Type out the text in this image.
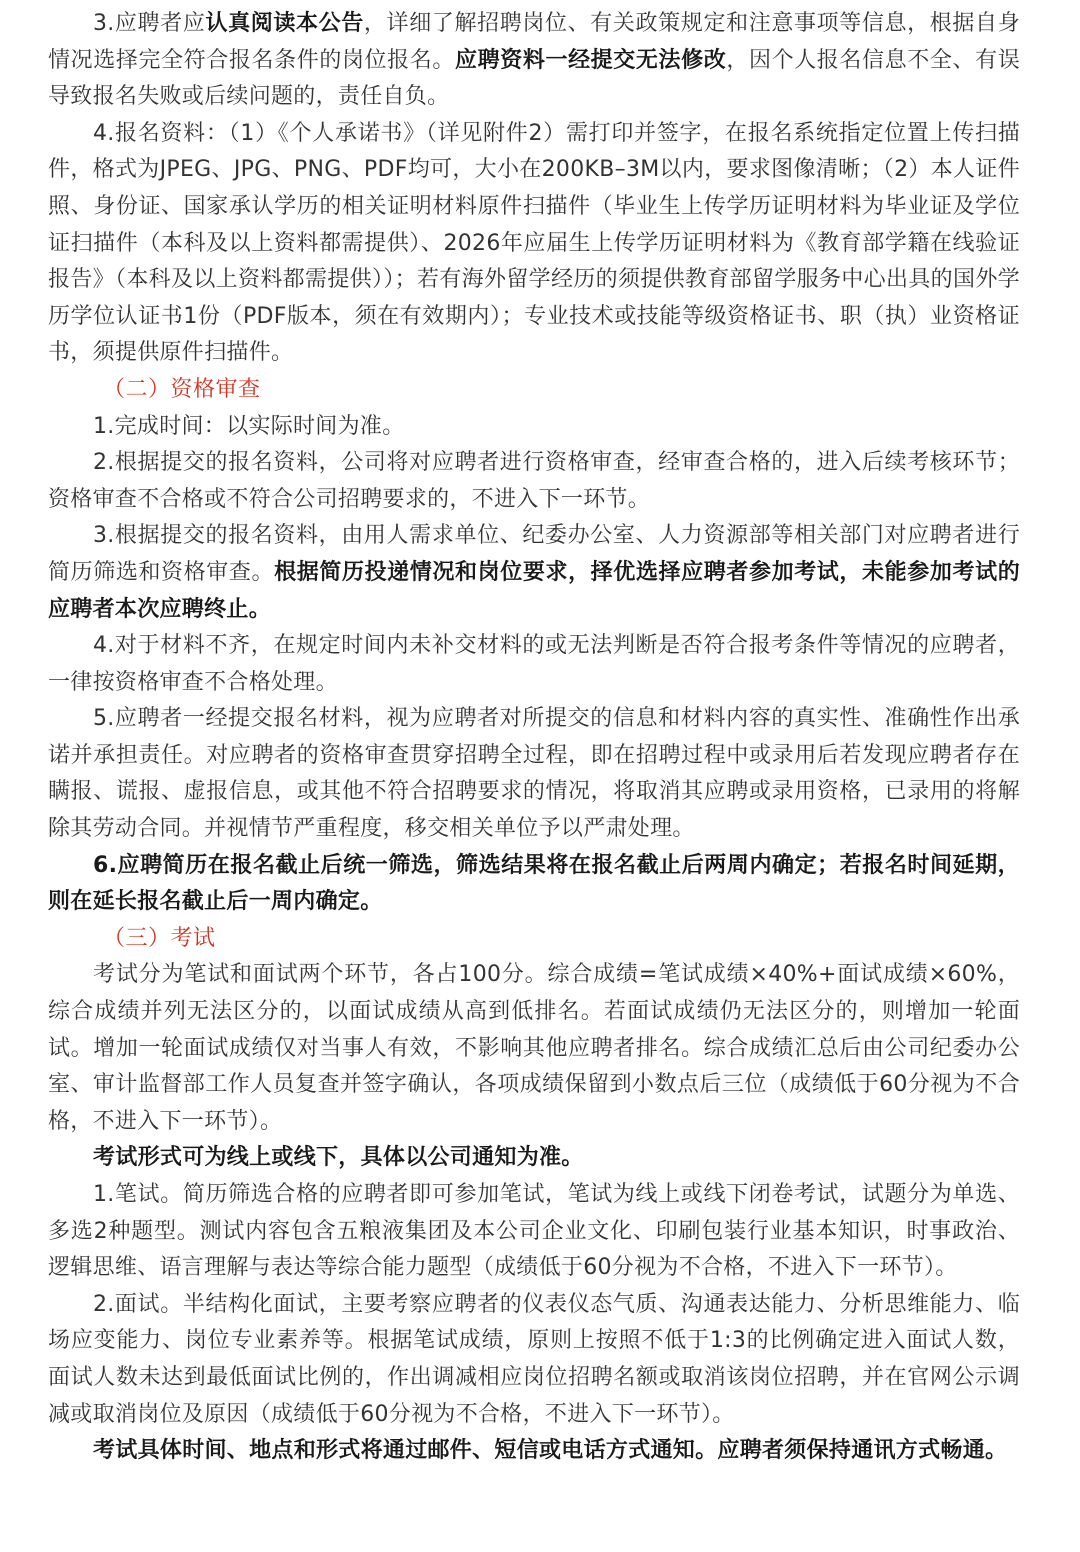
3.应聘者应认真阅读本公告，详细了解招聘岗位、有关政策规定和注意事项等信息，根据自身情况选择完全符合报名条件的岗位报名。应聘资料一经提交无法修改，因个人报名信息不全、有误导致报名失败或后续问题的，责任自负。

4.报名资料：（1）《个人承诺书》（详见附件2）需打印并签字，在报名系统指定位置上传扫描件，格式为JPEG、JPG、PNG、PDF均可，大小在200KB–3M以内，要求图像清晰；（2）本人证件照、身份证、国家承认学历的相关证明材料原件扫描件（毕业生上传学历证明材料为毕业证及学位证扫描件（本科及以上资料都需提供）、2026年应届生上传学历证明材料为《教育部学籍在线验证报告》（本科及以上资料都需提供））；若有海外留学经历的须提供教育部留学服务中心出具的国外学历学位认证书1份（PDF版本，须在有效期内）；专业技术或技能等级资格证书、职（执）业资格证书，须提供原件扫描件。

（二）资格审查

1.完成时间：以实际时间为准。

2.根据提交的报名资料，公司将对应聘者进行资格审查，经审查合格的，进入后续考核环节；资格审查不合格或不符合公司招聘要求的，不进入下一环节。

3.根据提交的报名资料，由用人需求单位、纪委办公室、人力资源部等相关部门对应聘者进行简历筛选和资格审查。根据简历投递情况和岗位要求，择优选择应聘者参加考试，未能参加考试的应聘者本次应聘终止。

4.对于材料不齐，在规定时间内未补交材料的或无法判断是否符合报考条件等情况的应聘者，一律按资格审查不合格处理。

5.应聘者一经提交报名材料，视为应聘者对所提交的信息和材料内容的真实性、准确性作出承诺并承担责任。对应聘者的资格审查贯穿招聘全过程，即在招聘过程中或录用后若发现应聘者存在瞒报、谎报、虚报信息，或其他不符合招聘要求的情况，将取消其应聘或录用资格，已录用的将解除其劳动合同。并视情节严重程度，移交相关单位予以严肃处理。

6.应聘简历在报名截止后统一筛选，筛选结果将在报名截止后两周内确定；若报名时间延期，则在延长报名截止后一周内确定。

（三）考试

考试分为笔试和面试两个环节，各占100分。综合成绩=笔试成绩×40%+面试成绩×60%，综合成绩并列无法区分的，以面试成绩从高到低排名。若面试成绩仍无法区分的，则增加一轮面试。增加一轮面试成绩仅对当事人有效，不影响其他应聘者排名。综合成绩汇总后由公司纪委办公室、审计监督部工作人员复查并签字确认，各项成绩保留到小数点后三位（成绩低于60分视为不合格，不进入下一环节）。

考试形式可为线上或线下，具体以公司通知为准。

1.笔试。简历筛选合格的应聘者即可参加笔试，笔试为线上或线下闭卷考试，试题分为单选、多选2种题型。测试内容包含五粮液集团及本公司企业文化、印刷包装行业基本知识，时事政治、逻辑思维、语言理解与表达等综合能力题型（成绩低于60分视为不合格，不进入下一环节）。

2.面试。半结构化面试，主要考察应聘者的仪表仪态气质、沟通表达能力、分析思维能力、临场应变能力、岗位专业素养等。根据笔试成绩，原则上按照不低于1:3的比例确定进入面试人数，面试人数未达到最低面试比例的，作出调减相应岗位招聘名额或取消该岗位招聘，并在官网公示调减或取消岗位及原因（成绩低于60分视为不合格，不进入下一环节）。

考试具体时间、地点和形式将通过邮件、短信或电话方式通知。应聘者须保持通讯方式畅通。
